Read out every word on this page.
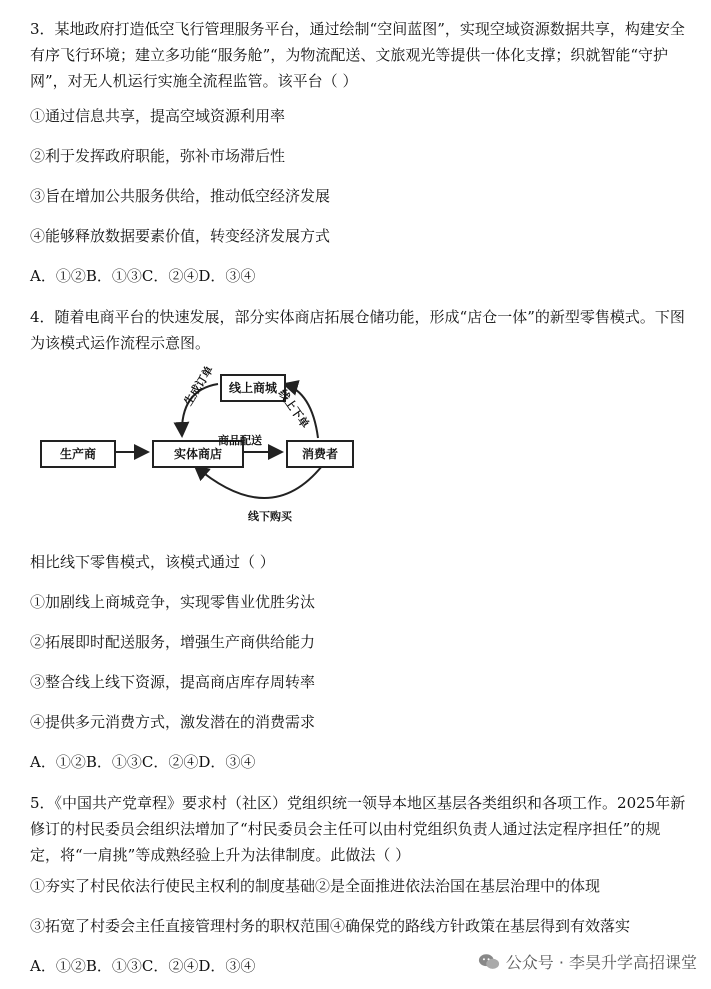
3．某地政府打造低空飞行管理服务平台，通过绘制“空间蓝图”，实现空域资源数据共享，构建安全有序飞行环境；建立多功能“服务舱”，为物流配送、文旅观光等提供一体化支撑；织就智能“守护网”，对无人机运行实施全流程监管。该平台（ ）

①通过信息共享，提高空域资源利用率
②利于发挥政府职能，弥补市场滞后性
③旨在增加公共服务供给，推动低空经济发展
④能够释放数据要素价值，转变经济发展方式
A．①②B．①③C．②④D．③④

4．随着电商平台的快速发展，部分实体商店拓展仓储功能，形成“店仓一体”的新型零售模式。下图为该模式运作流程示意图。

线上商城
生产商	实体商店	消费者
商品配送
生成订单
线上下单
线下购买
相比线下零售模式，该模式通过（ ）
①加剧线上商城竞争，实现零售业优胜劣汰
②拓展即时配送服务，增强生产商供给能力
③整合线上线下资源，提高商店库存周转率
④提供多元消费方式，激发潜在的消费需求
A．①②B．①③C．②④D．③④

5．《中国共产党章程》要求村（社区）党组织统一领导本地区基层各类组织和各项工作。2025年新修订的村民委员会组织法增加了“村民委员会主任可以由村党组织负责人通过法定程序担任”的规定，将“一肩挑”等成熟经验上升为法律制度。此做法（ ）

①夯实了村民依法行使民主权利的制度基础②是全面推进依法治国在基层治理中的体现
③拓宽了村委会主任直接管理村务的职权范围④确保党的路线方针政策在基层得到有效落实
A．①②B．①③C．②④D．③④	公众号 · 李昊升学高招课堂
